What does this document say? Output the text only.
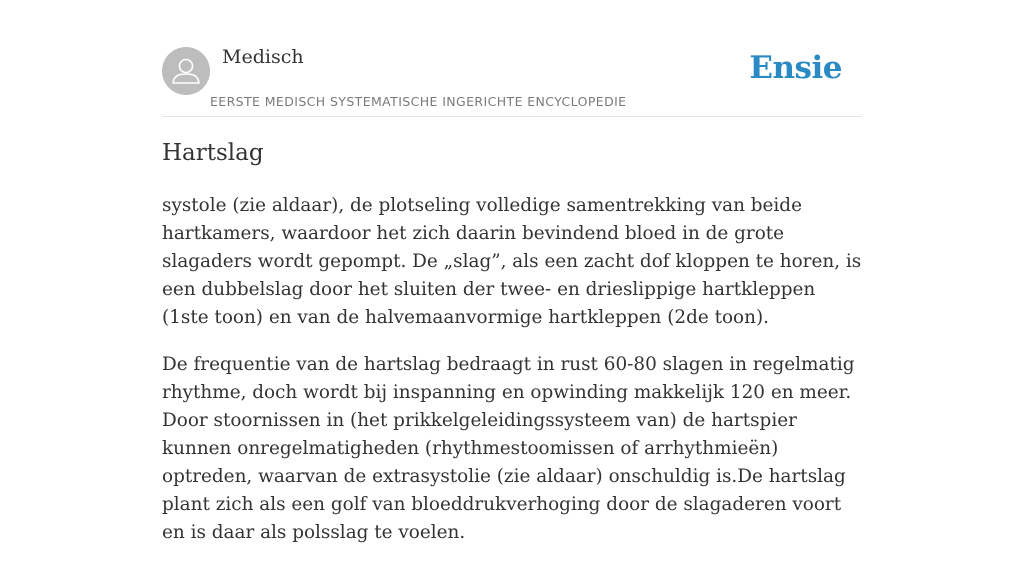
Medisch
EERSTE MEDISCH SYSTEMATISCHE INGERICHTE ENCYCLOPEDIE
Ensie
Hartslag

systole (zie aldaar), de plotseling volledige samentrekking van beide hartkamers, waardoor het zich daarin bevindend bloed in de grote slagaders wordt gepompt. De „slag”, als een zacht dof kloppen te horen, is een dubbelslag door het sluiten der twee- en drieslippige hartkleppen (1ste toon) en van de halvemaanvormige hartkleppen (2de toon).

De frequentie van de hartslag bedraagt in rust 60-80 slagen in regelmatig rhythme, doch wordt bij inspanning en opwinding makkelijk 120 en meer. Door stoornissen in (het prikkelgeleidingssysteem van) de hartspier kunnen onregelmatigheden (rhythmestoomissen of arrhythmieën) optreden, waarvan de extrasystolie (zie aldaar) onschuldig is.De hartslag plant zich als een golf van bloeddrukverhoging door de slagaderen voort en is daar als polsslag te voelen.
